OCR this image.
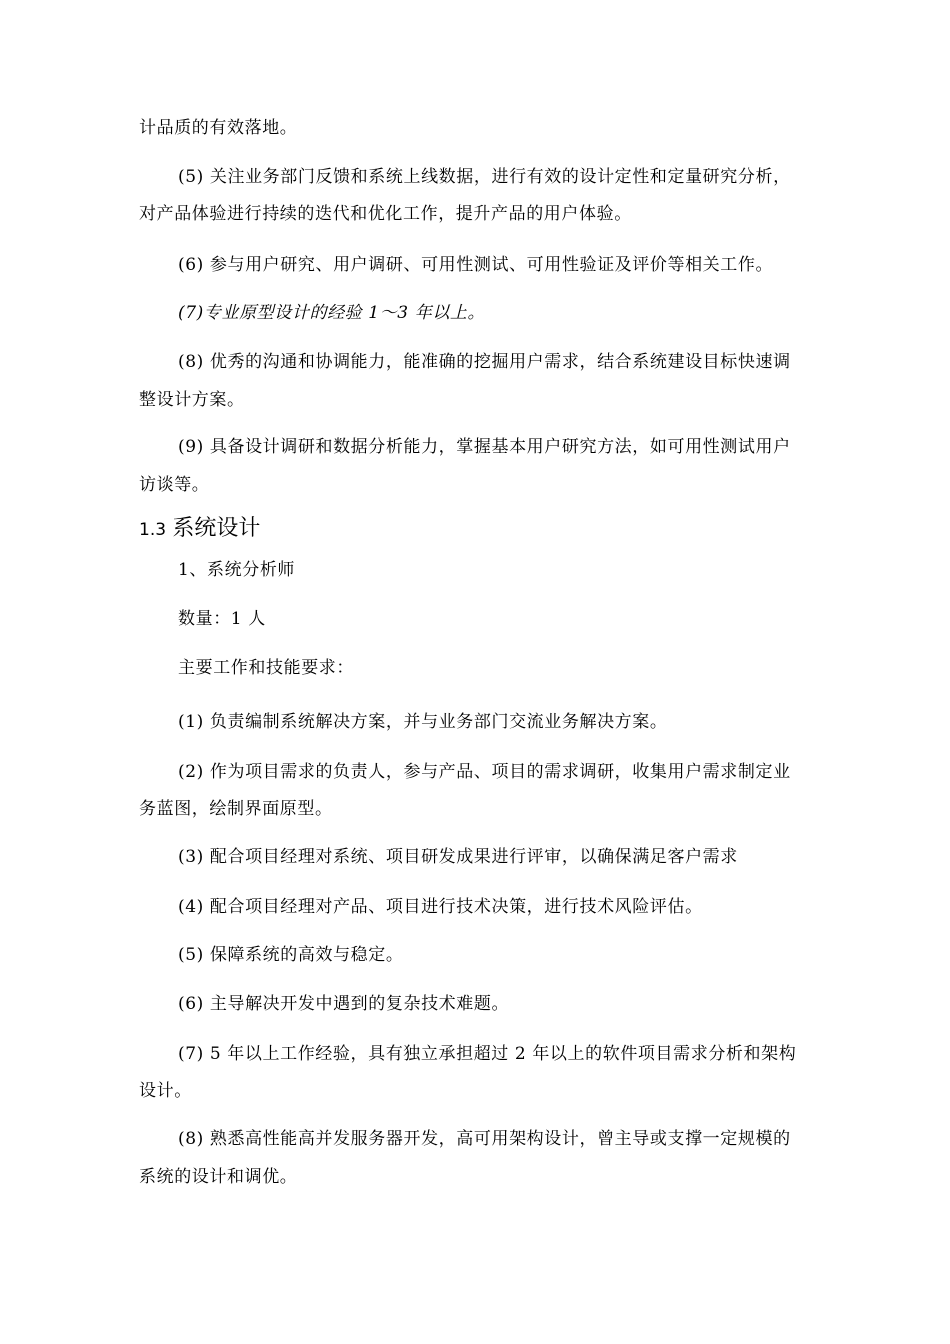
计品质的有效落地。
(5) 关注业务部门反馈和系统上线数据，进行有效的设计定性和定量研究分析，
对产品体验进行持续的迭代和优化工作，提升产品的用户体验。
(6) 参与用户研究、用户调研、可用性测试、可用性验证及评价等相关工作。
(7)专业原型设计的经验 1～3 年以上。
(8) 优秀的沟通和协调能力，能准确的挖掘用户需求，结合系统建设目标快速调
整设计方案。
(9) 具备设计调研和数据分析能力，掌握基本用户研究方法，如可用性测试用户
访谈等。
1.3 系统设计
1、系统分析师
数量：1 人
主要工作和技能要求：
(1) 负责编制系统解决方案，并与业务部门交流业务解决方案。
(2) 作为项目需求的负责人，参与产品、项目的需求调研，收集用户需求制定业
务蓝图，绘制界面原型。
(3) 配合项目经理对系统、项目研发成果进行评审，以确保满足客户需求
(4) 配合项目经理对产品、项目进行技术决策，进行技术风险评估。
(5) 保障系统的高效与稳定。
(6) 主导解决开发中遇到的复杂技术难题。
(7) 5 年以上工作经验，具有独立承担超过 2 年以上的软件项目需求分析和架构
设计。
(8) 熟悉高性能高并发服务器开发，高可用架构设计，曾主导或支撑一定规模的
系统的设计和调优。
